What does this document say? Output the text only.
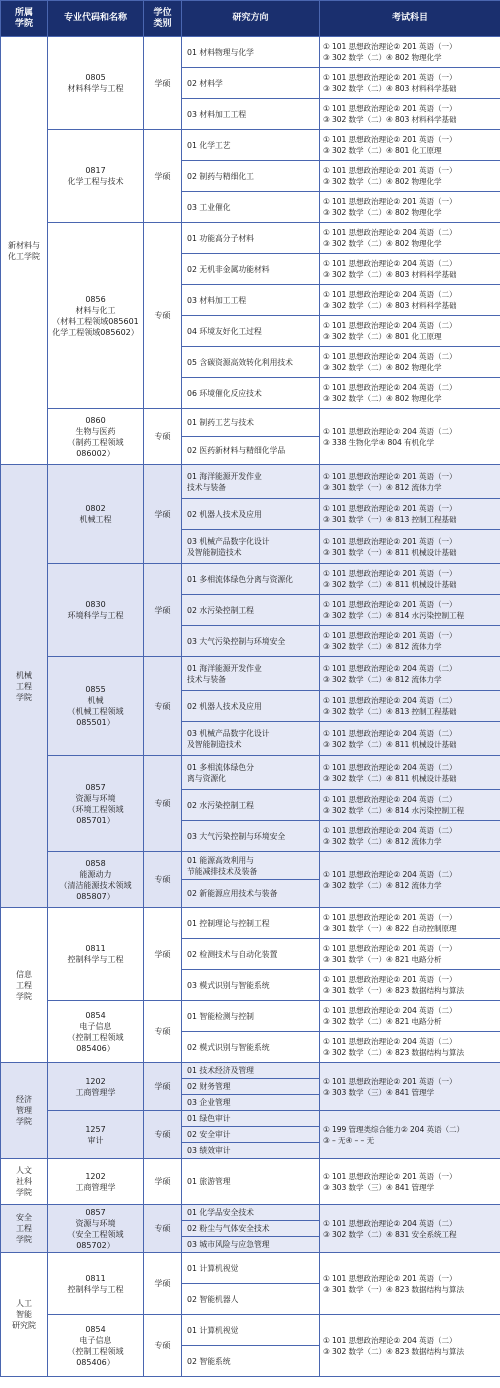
所属
学院	专业代码和名称	学位
类别	研究方向	考试科目

新材料与
化工学院	0805
材料科学与工程	学硕	01 材料物理与化学	① 101 思想政治理论② 201 英语（一）
③ 302 数学（二）④ 802 物理化学

			02 材料学	① 101 思想政治理论② 201 英语（一）
③ 302 数学（二）④ 803 材料科学基础

			03 材料加工工程	① 101 思想政治理论② 201 英语（一）
③ 302 数学（二）④ 803 材料科学基础

	0817
化学工程与技术	学硕	01 化学工艺	① 101 思想政治理论② 201 英语（一）
③ 302 数学（二）④ 801 化工原理

			02 制药与精细化工	① 101 思想政治理论② 201 英语（一）
③ 302 数学（二）④ 802 物理化学

			03 工业催化	① 101 思想政治理论② 201 英语（一）
③ 302 数学（二）④ 802 物理化学

	0856
材料与化工
（材料工程领域085601
化学工程领域085602）	专硕	01 功能高分子材料	① 101 思想政治理论② 204 英语（二）
③ 302 数学（二）④ 802 物理化学

			02 无机非金属功能材料	① 101 思想政治理论② 204 英语（二）
③ 302 数学（二）④ 803 材料科学基础

			03 材料加工工程	① 101 思想政治理论② 204 英语（二）
③ 302 数学（二）④ 803 材料科学基础

			04 环境友好化工过程	① 101 思想政治理论② 204 英语（二）
③ 302 数学（二）④ 801 化工原理

			05 含碳资源高效转化利用技术	① 101 思想政治理论② 204 英语（二）
③ 302 数学（二）④ 802 物理化学

			06 环境催化反应技术	① 101 思想政治理论② 204 英语（二）
③ 302 数学（二）④ 802 物理化学

	0860
生物与医药
（制药工程领域
086002）	专硕	01 制药工艺与技术	① 101 思想政治理论② 204 英语（二）
③ 338 生物化学④ 804 有机化学

			02 医药新材料与精细化学品	

机械
工程
学院	0802
机械工程	学硕	01 海洋能源开发作业
技术与装备	① 101 思想政治理论② 201 英语（一）
③ 301 数学（一）④ 812 流体力学

			02 机器人技术及应用	① 101 思想政治理论② 201 英语（一）
③ 301 数学（一）④ 813 控制工程基础

			03 机械产品数字化设计
及智能制造技术	① 101 思想政治理论② 201 英语（一）
③ 301 数学（一）④ 811 机械设计基础

	0830
环境科学与工程	学硕	01 多相流体绿色分离与资源化	① 101 思想政治理论② 201 英语（一）
③ 302 数学（二）④ 811 机械设计基础

			02 水污染控制工程	① 101 思想政治理论② 201 英语（一）
③ 302 数学（二）④ 814 水污染控制工程

			03 大气污染控制与环境安全	① 101 思想政治理论② 201 英语（一）
③ 302 数学（二）④ 812 流体力学

	0855
机械
（机械工程领域
085501）	专硕	01 海洋能源开发作业
技术与装备	① 101 思想政治理论② 204 英语（二）
③ 302 数学（二）④ 812 流体力学

			02 机器人技术及应用	① 101 思想政治理论② 204 英语（二）
③ 302 数学（二）④ 813 控制工程基础

			03 机械产品数字化设计
及智能制造技术	① 101 思想政治理论② 204 英语（二）
③ 302 数学（二）④ 811 机械设计基础

	0857
资源与环境
（环境工程领域
085701）	专硕	01 多相流体绿色分
离与资源化	① 101 思想政治理论② 204 英语（二）
③ 302 数学（二）④ 811 机械设计基础

			02 水污染控制工程	① 101 思想政治理论② 204 英语（二）
③ 302 数学（二）④ 814 水污染控制工程

			03 大气污染控制与环境安全	① 101 思想政治理论② 204 英语（二）
③ 302 数学（二）④ 812 流体力学

	0858
能源动力
（清洁能源技术领域
085807）	专硕	01 能源高效利用与
节能减排技术及装备	① 101 思想政治理论② 204 英语（二）
③ 302 数学（二）④ 812 流体力学

			02 新能源应用技术与装备	

信息
工程
学院	0811
控制科学与工程	学硕	01 控制理论与控制工程	① 101 思想政治理论② 201 英语（一）
③ 301 数学（一）④ 822 自动控制原理

			02 检测技术与自动化装置	① 101 思想政治理论② 201 英语（一）
③ 301 数学（一）④ 821 电路分析

			03 模式识别与智能系统	① 101 思想政治理论② 201 英语（一）
③ 301 数学（一）④ 823 数据结构与算法

	0854
电子信息
（控制工程领域
085406）	专硕	01 智能检测与控制	① 101 思想政治理论② 204 英语（二）
③ 302 数学（二）④ 821 电路分析

			02 模式识别与智能系统	① 101 思想政治理论② 204 英语（二）
③ 302 数学（二）④ 823 数据结构与算法

经济
管理
学院	1202
工商管理学	学硕	01 技术经济及管理	① 101 思想政治理论② 201 英语（一）
③ 303 数学（三）④ 841 管理学

			02 财务管理	

			03 企业管理	

	1257
审计	专硕	01 绿色审计	① 199 管理类综合能力② 204 英语（二）
③ – 无④ – – 无

			02 安全审计	

			03 绩效审计	

人文
社科
学院	1202
工商管理学	学硕	01 旅游管理	① 101 思想政治理论② 201 英语（一）
③ 303 数学（三）④ 841 管理学

安全
工程
学院	0857
资源与环境
（安全工程领域
085702）	专硕	01 化学品安全技术	① 101 思想政治理论② 204 英语（二）
③ 302 数学（二）④ 831 安全系统工程

			02 粉尘与气体安全技术	

			03 城市风险与应急管理	

人工
智能
研究院	0811
控制科学与工程	学硕	01 计算机视觉	① 101 思想政治理论② 201 英语（一）
③ 301 数学（一）④ 823 数据结构与算法

			02 智能机器人	

	0854
电子信息
（控制工程领域
085406）	专硕	01 计算机视觉	① 101 思想政治理论② 204 英语（二）
③ 302 数学（二）④ 823 数据结构与算法

			02 智能系统	
